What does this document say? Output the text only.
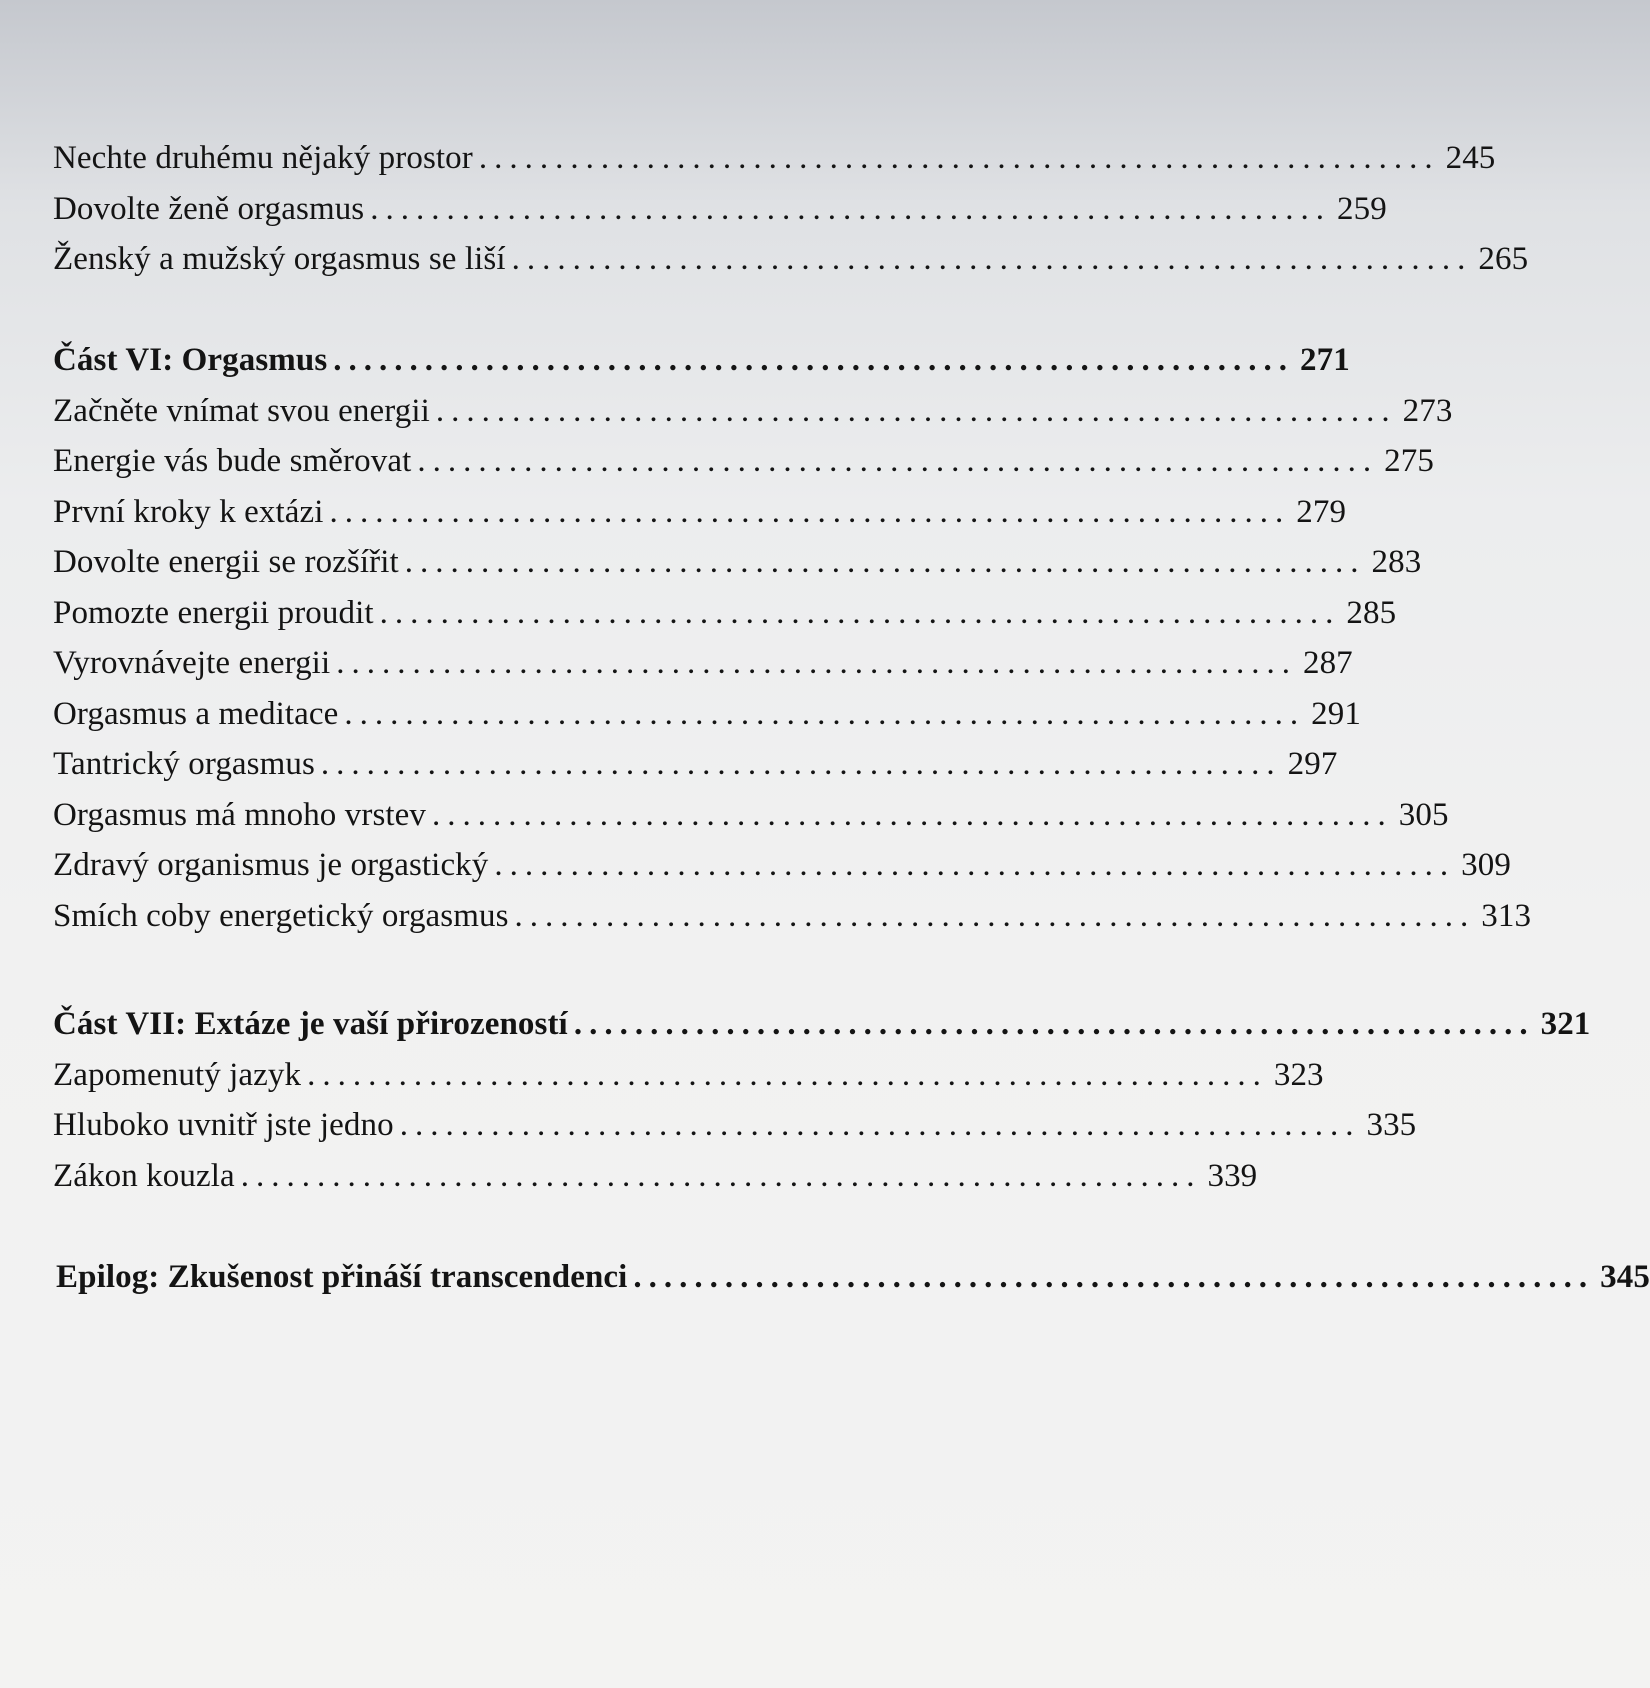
Nechte druhému nějaký prostor ............................................................... 245
Dovolte ženě orgasmus ............................................................... 259
Ženský a mužský orgasmus se liší ............................................................... 265
Část VI: Orgasmus ............................................................... 271
Začněte vnímat svou energii ............................................................... 273
Energie vás bude směrovat ............................................................... 275
První kroky k extázi ............................................................... 279
Dovolte energii se rozšířit ............................................................... 283
Pomozte energii proudit ............................................................... 285
Vyrovnávejte energii ............................................................... 287
Orgasmus a meditace ............................................................... 291
Tantrický orgasmus ............................................................... 297
Orgasmus má mnoho vrstev ............................................................... 305
Zdravý organismus je orgastický ............................................................... 309
Smích coby energetický orgasmus ............................................................... 313
Část VII: Extáze je vaší přirozeností ............................................................... 321
Zapomenutý jazyk ............................................................... 323
Hluboko uvnitř jste jedno ............................................................... 335
Zákon kouzla ............................................................... 339
Epilog: Zkušenost přináší transcendenci ............................................................... 345
